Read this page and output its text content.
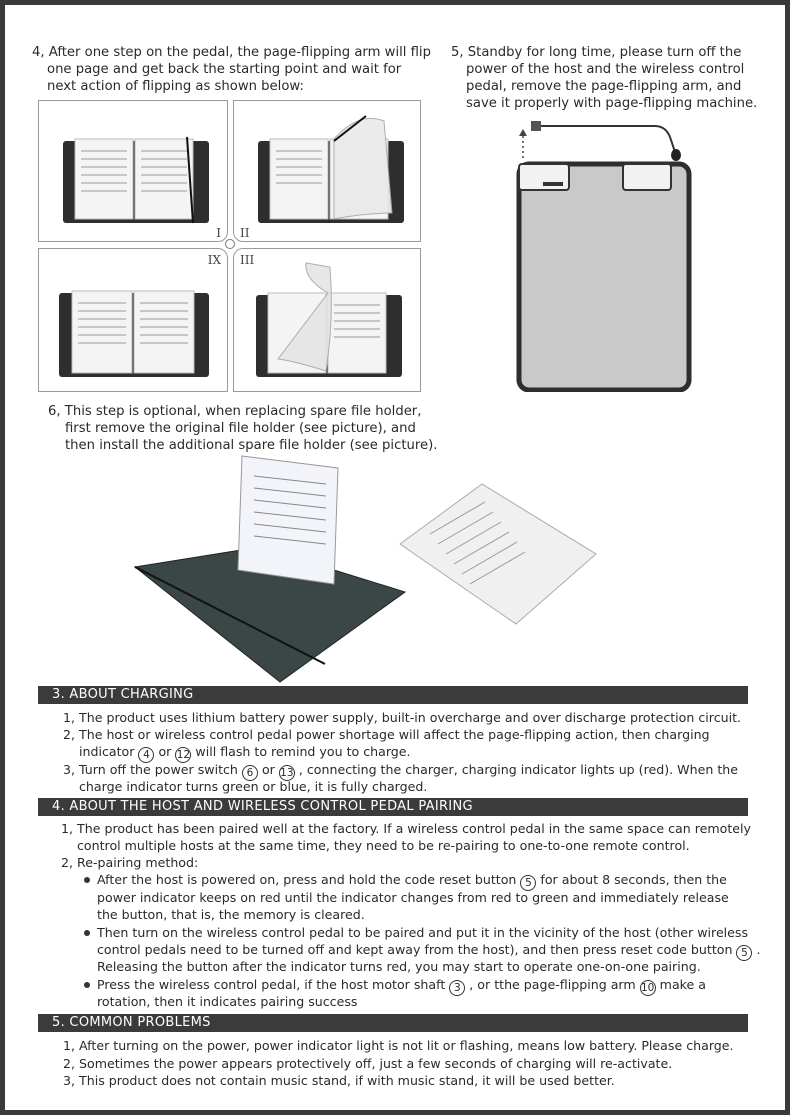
4, After one step on the pedal, the page-flipping arm will flip
one page and get back the starting point and wait for
next action of flipping as shown below:
5, Standby for long time, please turn off the
power of the host and the wireless control
pedal, remove the page-flipping arm, and
save it properly with page-flipping machine.
I II
IX III
6, This step is optional, when replacing spare file holder,
first remove the original file holder (see picture), and
then install the additional spare file holder (see picture).
3. ABOUT CHARGING
1, The product uses lithium battery power supply, built-in overcharge and over discharge protection circuit.
2, The host or wireless control pedal power shortage will affect the page-flipping action, then charging
indicator 4 or 12 will flash to remind you to charge.
3, Turn off the power switch 6 or 13 , connecting the charger, charging indicator lights up (red). When the
charge indicator turns green or blue, it is fully charged.
4. ABOUT THE HOST AND WIRELESS CONTROL PEDAL PAIRING
1, The product has been paired well at the factory. If a wireless control pedal in the same space can remotely
control multiple hosts at the same time, they need to be re-pairing to one-to-one remote control.
2, Re-pairing method:
After the host is powered on, press and hold the code reset button 5 for about 8 seconds, then the
power indicator keeps on red until the indicator changes from red to green and immediately release
the button, that is, the memory is cleared.
Then turn on the wireless control pedal to be paired and put it in the vicinity of the host (other wireless
control pedals need to be turned off and kept away from the host), and then press reset code button 5 .
Releasing the button after the indicator turns red, you may start to operate one-on-one pairing.
Press the wireless control pedal, if the host motor shaft 3 , or tthe page-flipping arm 10 make a
rotation, then it indicates pairing success
5. COMMON PROBLEMS
1, After turning on the power, power indicator light is not lit or flashing, means low battery. Please charge.
2, Sometimes the power appears protectively off, just a few seconds of charging will re-activate.
3, This product does not contain music stand, if with music stand, it will be used better.
